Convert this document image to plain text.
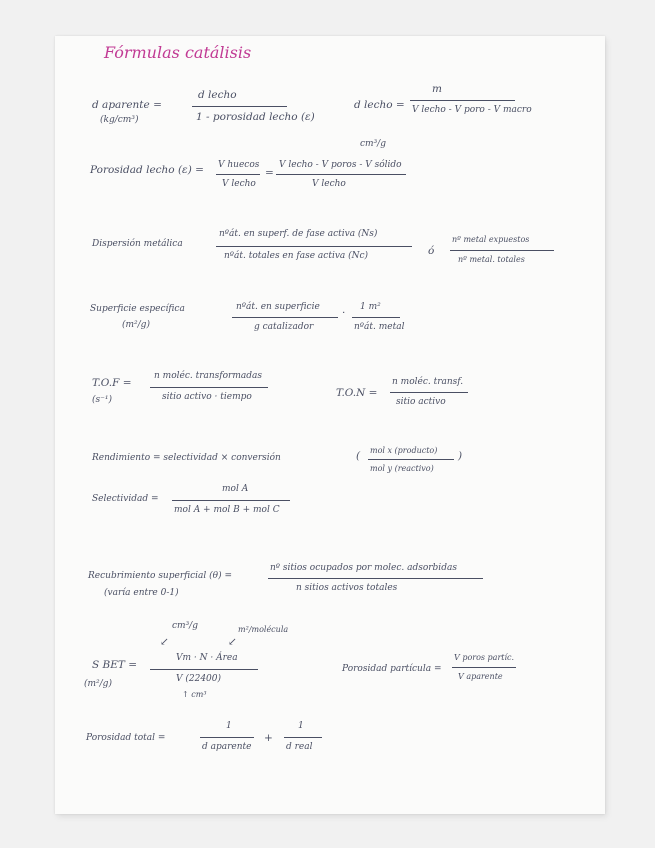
Fórmulas catálisis
d aparente =
(kg/cm³)
d lecho
1 - porosidad lecho (ε)
d lecho =
m
V lecho - V poro - V macro
cm³/g
Porosidad lecho (ε) = V huecos
V lecho
=
V lecho - V poros - V sólido
V lecho
Dispersión metálica
nºát. en superf. de fase activa (Ns)
nºát. totales en fase activa (Nc)	ó
nº metal expuestos
nº metal. totales
Superficie específica
(m²/g)
nºát. en superficie
g catalizador
· 1 m²
nºát. metal
T.O.F =
(s⁻¹)
n moléc. transformadas
sitio activo · tiempo	T.O.N =
n moléc. transf.
sitio activo
Rendimiento = selectividad × conversión	( mol x (producto)
mol y (reactivo)
)
Selectividad =
mol A
mol A + mol B + mol C
Recubrimiento superficial (θ) =
(varía entre 0-1)
nº sitios ocupados por molec. adsorbidas
n sitios activos totales
cm³/g	m²/molécula
↙	↙
S BET =
(m²/g)
Vm · N · Área
V (22400)
↑ cm³
Porosidad partícula =
V poros partíc.
V aparente
Porosidad total =
1
d aparente
+
1
d real
